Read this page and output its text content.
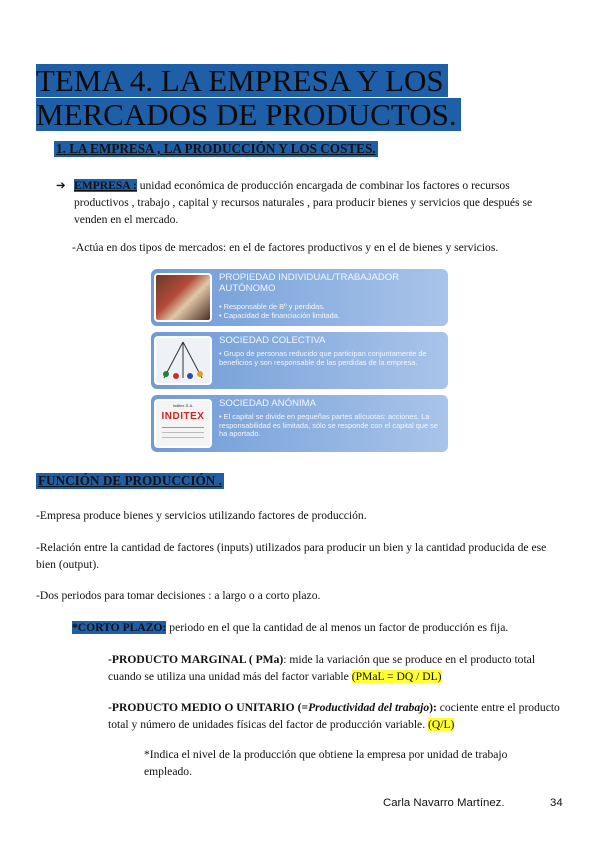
TEMA 4. LA EMPRESA Y LOS
MERCADOS DE PRODUCTOS.
1. LA EMPRESA , LA PRODUCCIÓN Y LOS COSTES.
➔ EMPRESA : unidad económica de producción encargada de combinar los factores o recursos productivos , trabajo , capital y recursos naturales , para producir bienes y servicios que después se venden en el mercado.
-Actúa en dos tipos de mercados: en el de factores productivos y en el de bienes y servicios.
PROPIEDAD INDIVIDUAL/TRABAJADOR AUTÓNOMO
• Responsable de Bº y perdidas.
• Capacidad de financiación limitada.
SOCIEDAD COLECTIVA
• Grupo de personas reducido que participan conjuntamente de beneficios y son responsable de las perdidas de la empresa.
Inditex S.A.
INDITEX
SOCIEDAD ANÓNIMA
• El capital se divide en pequeñas partes alícuotas: acciones. La responsabilidad es limitada, sólo se responde con el capital que se ha aportado.
FUNCIÓN DE PRODUCCIÓN .
-Empresa produce bienes y servicios utilizando factores de producción.
-Relación entre la cantidad de factores (inputs) utilizados para producir un bien y la cantidad producida de ese bien (output).
-Dos periodos para tomar decisiones : a largo o a corto plazo.
*CORTO PLAZO: periodo en el que la cantidad de al menos un factor de producción es fija.
-PRODUCTO MARGINAL ( PMa): mide la variación que se produce en el producto total cuando se utiliza una unidad más del factor variable (PMaL = DQ / DL)
-PRODUCTO MEDIO O UNITARIO (=Productividad del trabajo): cociente entre el producto total y número de unidades físicas del factor de producción variable. (Q/L)
*Indica el nivel de la producción que obtiene la empresa por unidad de trabajo empleado.
Carla Navarro Martínez.	34
